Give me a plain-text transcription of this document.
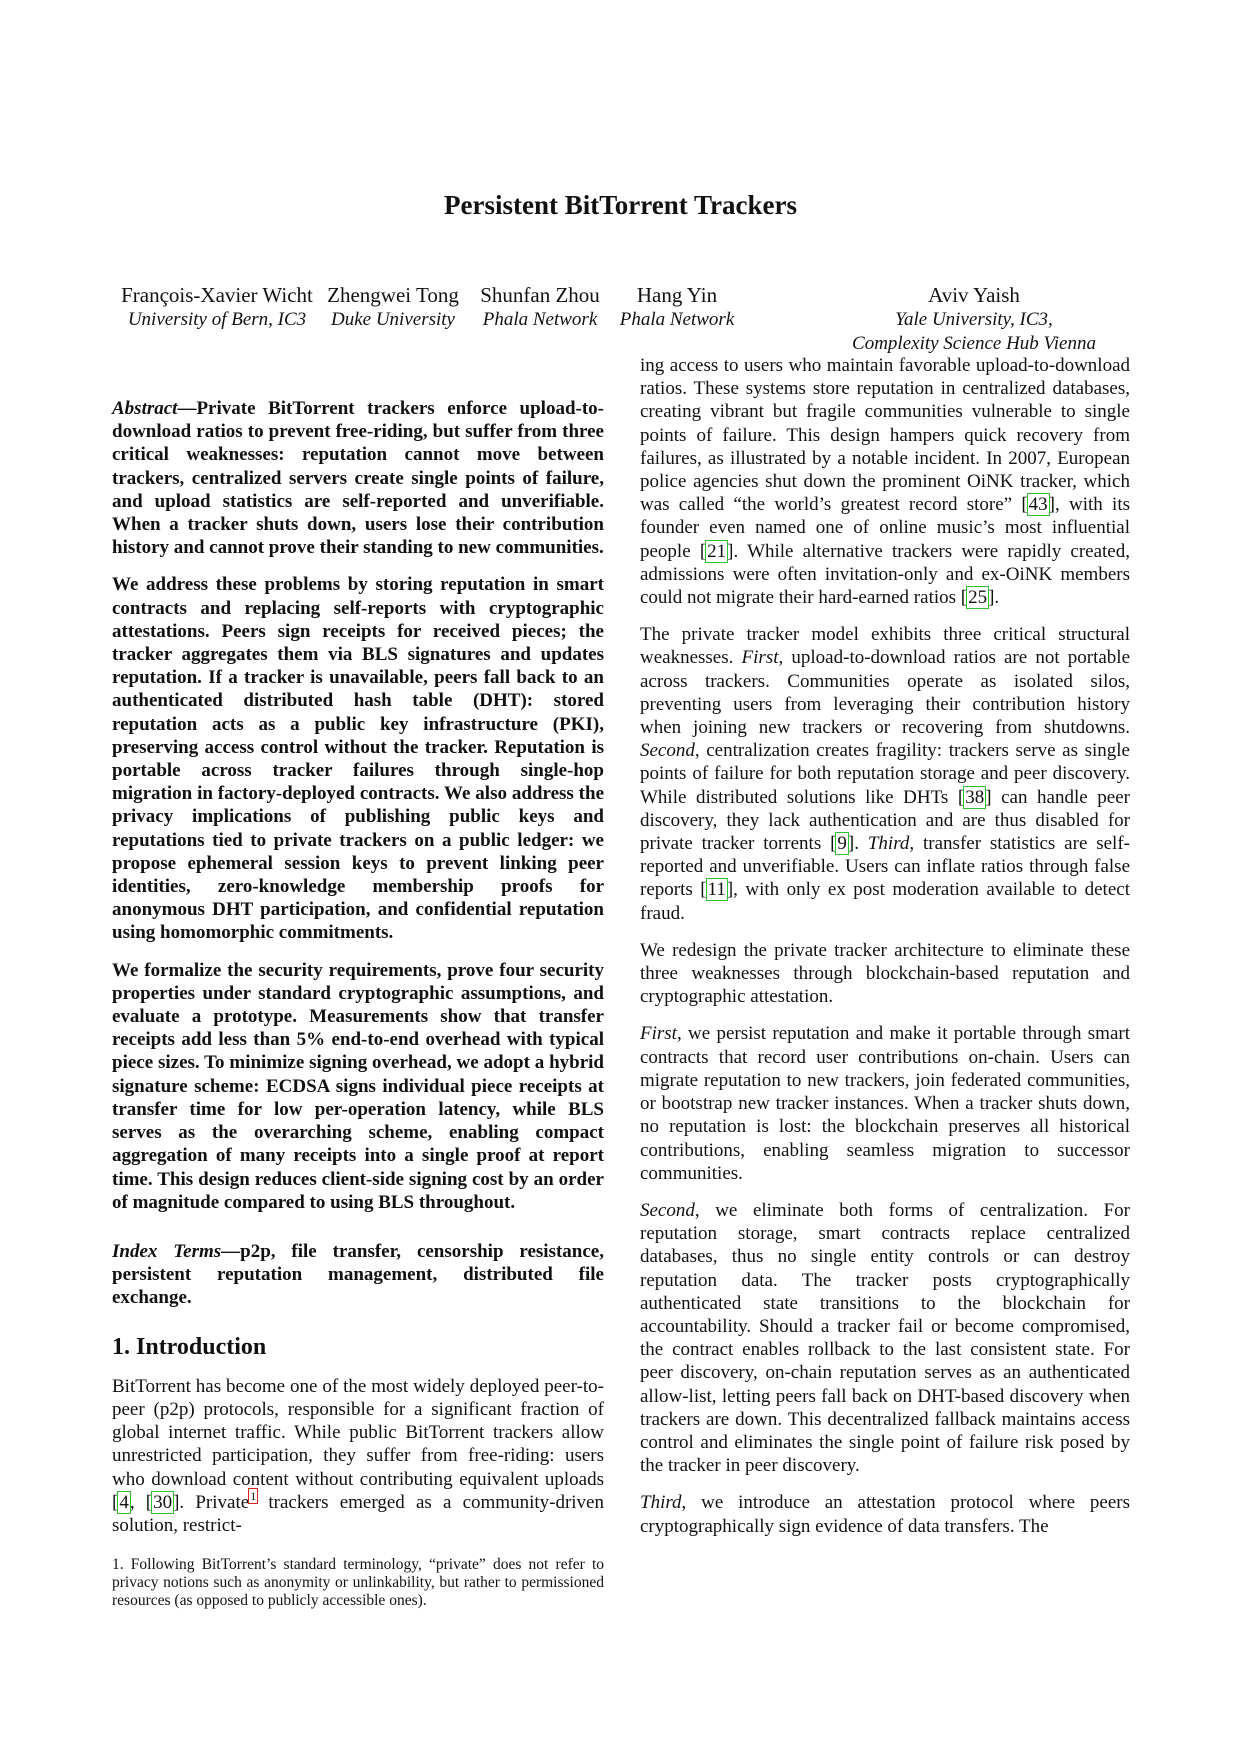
Persistent BitTorrent Trackers
François-Xavier Wicht
University of Bern, IC3
Zhengwei Tong
Duke University
Shunfan Zhou
Phala Network
Hang Yin
Phala Network
Aviv Yaish
Yale University, IC3,
Complexity Science Hub Vienna

Abstract—Private BitTorrent trackers enforce upload-to-download ratios to prevent free-riding, but suffer from three critical weaknesses: reputation cannot move between trackers, centralized servers create single points of failure, and upload statistics are self-reported and unverifiable. When a tracker shuts down, users lose their contribution history and cannot prove their standing to new communities.

We address these problems by storing reputation in smart contracts and replacing self-reports with cryptographic attestations. Peers sign receipts for received pieces; the tracker aggregates them via BLS signatures and updates reputation. If a tracker is unavailable, peers fall back to an authenticated distributed hash table (DHT): stored reputation acts as a public key infrastructure (PKI), preserving access control without the tracker. Reputation is portable across tracker failures through single-hop migration in factory-deployed contracts. We also address the privacy implications of publishing public keys and reputations tied to private trackers on a public ledger: we propose ephemeral session keys to prevent linking peer identities, zero-knowledge membership proofs for anonymous DHT participation, and confidential reputation using homomorphic commitments.

We formalize the security requirements, prove four security properties under standard cryptographic assumptions, and evaluate a prototype. Measurements show that transfer receipts add less than 5% end-to-end overhead with typical piece sizes. To minimize signing overhead, we adopt a hybrid signature scheme: ECDSA signs individual piece receipts at transfer time for low per-operation latency, while BLS serves as the overarching scheme, enabling compact aggregation of many receipts into a single proof at report time. This design reduces client-side signing cost by an order of magnitude compared to using BLS throughout.

Index Terms—p2p, file transfer, censorship resistance, persistent reputation management, distributed file exchange.

1. Introduction

BitTorrent has become one of the most widely deployed peer-to-peer (p2p) protocols, responsible for a significant fraction of global internet traffic. While public BitTorrent trackers allow unrestricted participation, they suffer from free-riding: users who download content without contributing equivalent uploads [4, [30]. Private$^1$ trackers emerged as a community-driven solution, restrict-

1. Following BitTorrent’s standard terminology, “private” does not refer to privacy notions such as anonymity or unlinkability, but rather to permissioned resources (as opposed to publicly accessible ones).

ing access to users who maintain favorable upload-to-download ratios. These systems store reputation in centralized databases, creating vibrant but fragile communities vulnerable to single points of failure. This design hampers quick recovery from failures, as illustrated by a notable incident. In 2007, European police agencies shut down the prominent OiNK tracker, which was called “the world’s greatest record store” [43], with its founder even named one of online music’s most influential people [21]. While alternative trackers were rapidly created, admissions were often invitation-only and ex-OiNK members could not migrate their hard-earned ratios [25].

The private tracker model exhibits three critical structural weaknesses. First, upload-to-download ratios are not portable across trackers. Communities operate as isolated silos, preventing users from leveraging their contribution history when joining new trackers or recovering from shutdowns. Second, centralization creates fragility: trackers serve as single points of failure for both reputation storage and peer discovery. While distributed solutions like DHTs [38] can handle peer discovery, they lack authentication and are thus disabled for private tracker torrents [9]. Third, transfer statistics are self-reported and unverifiable. Users can inflate ratios through false reports [11], with only ex post moderation available to detect fraud.

We redesign the private tracker architecture to eliminate these three weaknesses through blockchain-based reputation and cryptographic attestation.

First, we persist reputation and make it portable through smart contracts that record user contributions on-chain. Users can migrate reputation to new trackers, join federated communities, or bootstrap new tracker instances. When a tracker shuts down, no reputation is lost: the blockchain preserves all historical contributions, enabling seamless migration to successor communities.

Second, we eliminate both forms of centralization. For reputation storage, smart contracts replace centralized databases, thus no single entity controls or can destroy reputation data. The tracker posts cryptographically authenticated state transitions to the blockchain for accountability. Should a tracker fail or become compromised, the contract enables rollback to the last consistent state. For peer discovery, on-chain reputation serves as an authenticated allow-list, letting peers fall back on DHT-based discovery when trackers are down. This decentralized fallback maintains access control and eliminates the single point of failure risk posed by the tracker in peer discovery.

Third, we introduce an attestation protocol where peers cryptographically sign evidence of data transfers. The
